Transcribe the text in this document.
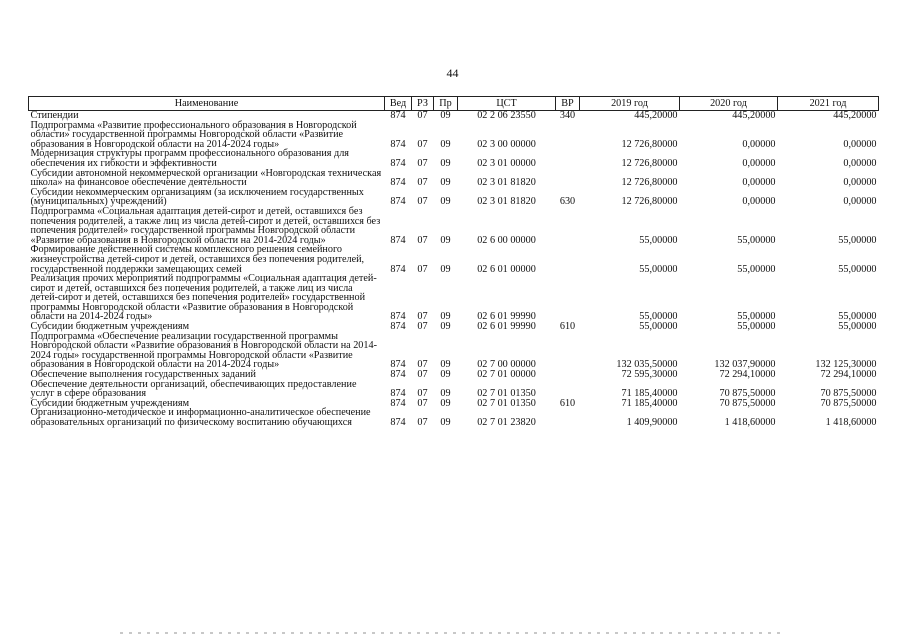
44
Наименование	Вед	РЗ	Пр	ЦСТ	ВР	2019 год	2020 год	2021 год
Стипендии	874	07	09	02 2 06 23550	340	445,20000	445,20000	445,20000
Подпрограмма «Развитие профессионального образования в Новгородской области» государственной программы Новгородской области «Развитие образования в Новгородской области на 2014-2024 годы»	874	07	09	02 3 00 00000		12 726,80000	0,00000	0,00000
Модернизация структуры программ профессионального образования для обеспечения их гибкости и эффективности	874	07	09	02 3 01 00000		12 726,80000	0,00000	0,00000
Субсидии автономной некоммерческой организации «Новгородская техническая школа» на финансовое обеспечение деятельности	874	07	09	02 3 01 81820		12 726,80000	0,00000	0,00000
Субсидии некоммерческим организациям (за исключением государственных (муниципальных) учреждений)	874	07	09	02 3 01 81820	630	12 726,80000	0,00000	0,00000
Подпрограмма «Социальная адаптация детей-сирот и детей, оставшихся без попечения родителей, а также лиц из числа детей-сирот и детей, оставшихся без попечения родителей» государственной программы Новгородской области «Развитие образования в Новгородской области на 2014-2024 годы»	874	07	09	02 6 00 00000		55,00000	55,00000	55,00000
Формирование действенной системы комплексного решения семейного жизнеустройства детей-сирот и детей, оставшихся без попечения родителей, государственной поддержки замещающих семей	874	07	09	02 6 01 00000		55,00000	55,00000	55,00000
Реализация прочих мероприятий подпрограммы «Социальная адаптация детей-сирот и детей, оставшихся без попечения родителей, а также лиц из числа детей-сирот и детей, оставшихся без попечения родителей» государственной программы Новгородской области «Развитие образования в Новгородской области на 2014-2024 годы»	874	07	09	02 6 01 99990		55,00000	55,00000	55,00000
Субсидии бюджетным учреждениям	874	07	09	02 6 01 99990	610	55,00000	55,00000	55,00000
Подпрограмма «Обеспечение реализации государственной программы Новгородской области «Развитие образования в Новгородской области на 2014-2024 годы» государственной программы Новгородской области «Развитие образования в Новгородской области на 2014-2024 годы»	874	07	09	02 7 00 00000		132 035,50000	132 037,90000	132 125,30000
Обеспечение выполнения государственных заданий	874	07	09	02 7 01 00000		72 595,30000	72 294,10000	72 294,10000
Обеспечение деятельности организаций, обеспечивающих предоставление услуг в сфере образования	874	07	09	02 7 01 01350		71 185,40000	70 875,50000	70 875,50000
Субсидии бюджетным учреждениям	874	07	09	02 7 01 01350	610	71 185,40000	70 875,50000	70 875,50000
Организационно-методическое и информационно-аналитическое обеспечение образовательных организаций по физическому воспитанию обучающихся	874	07	09	02 7 01 23820		1 409,90000	1 418,60000	1 418,60000
